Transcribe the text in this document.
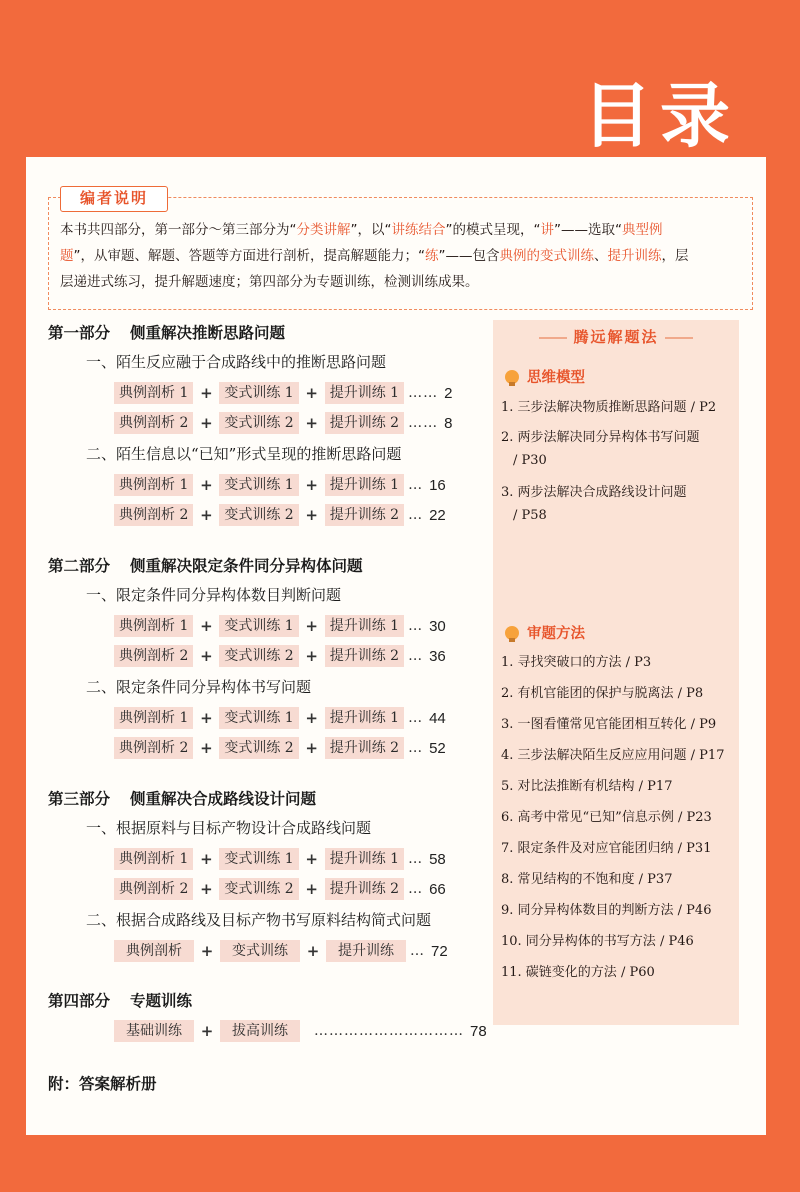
目录
编者说明
本书共四部分，第一部分～第三部分为“分类讲解”，以“讲练结合”的模式呈现，“讲”——选取“典型例
题”，从审题、解题、答题等方面进行剖析，提高解题能力；“练”——包含典例的变式训练、提升训练，层
层递进式练习，提升解题速度；第四部分为专题训练，检测训练成果。
第一部分 侧重解决推断思路问题
一、陌生反应融于合成路线中的推断思路问题
典例剖析 1 + 变式训练 1 + 提升训练 1 …… 2
典例剖析 2 + 变式训练 2 + 提升训练 2 …… 8
二、陌生信息以“已知”形式呈现的推断思路问题
典例剖析 1 + 变式训练 1 + 提升训练 1 … 16
典例剖析 2 + 变式训练 2 + 提升训练 2 … 22
第二部分 侧重解决限定条件同分异构体问题
一、限定条件同分异构体数目判断问题
典例剖析 1 + 变式训练 1 + 提升训练 1 … 30
典例剖析 2 + 变式训练 2 + 提升训练 2 … 36
二、限定条件同分异构体书写问题
典例剖析 1 + 变式训练 1 + 提升训练 1 … 44
典例剖析 2 + 变式训练 2 + 提升训练 2 … 52
第三部分 侧重解决合成路线设计问题
一、根据原料与目标产物设计合成路线问题
典例剖析 1 + 变式训练 1 + 提升训练 1 … 58
典例剖析 2 + 变式训练 2 + 提升训练 2 … 66
二、根据合成路线及目标产物书写原料结构简式问题
典例剖析	+	变式训练	+	提升训练	… 72
第四部分 专题训练
基础训练	+	拔高训练	………………………… 78
附：答案解析册
腾远解题法
思维模型
1. 三步法解决物质推断思路问题 / P2
2. 两步法解决同分异构体书写问题
/ P30
3. 两步法解决合成路线设计问题
/ P58
审题方法
1. 寻找突破口的方法 / P3
2. 有机官能团的保护与脱离法 / P8
3. 一图看懂常见官能团相互转化 / P9
4. 三步法解决陌生反应应用问题 / P17
5. 对比法推断有机结构 / P17
6. 高考中常见“已知”信息示例 / P23
7. 限定条件及对应官能团归纳 / P31
8. 常见结构的不饱和度 / P37
9. 同分异构体数目的判断方法 / P46
10. 同分异构体的书写方法 / P46
11. 碳链变化的方法 / P60
